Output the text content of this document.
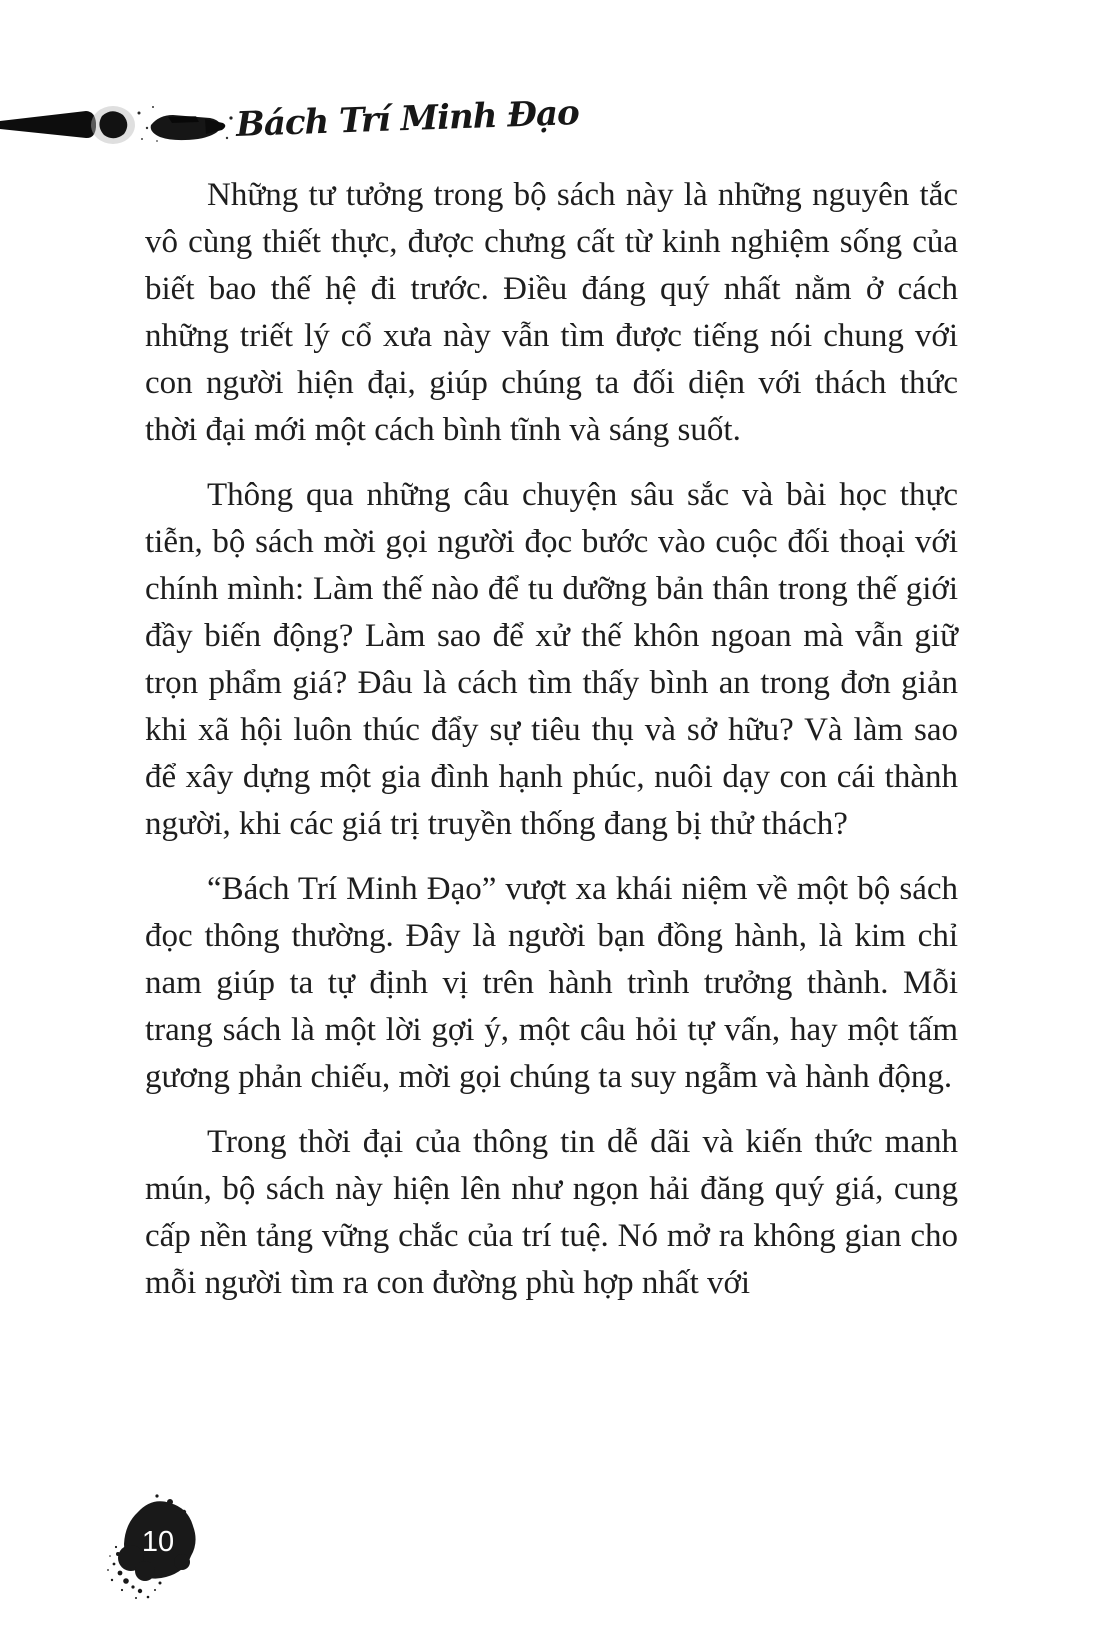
Bách Trí Minh Đạo

Những tư tưởng trong bộ sách này là những nguyên tắc vô cùng thiết thực, được chưng cất từ kinh nghiệm sống của biết bao thế hệ đi trước. Điều đáng quý nhất nằm ở cách những triết lý cổ xưa này vẫn tìm được tiếng nói chung với con người hiện đại, giúp chúng ta đối diện với thách thức thời đại mới một cách bình tĩnh và sáng suốt.

Thông qua những câu chuyện sâu sắc và bài học thực tiễn, bộ sách mời gọi người đọc bước vào cuộc đối thoại với chính mình: Làm thế nào để tu dưỡng bản thân trong thế giới đầy biến động? Làm sao để xử thế khôn ngoan mà vẫn giữ trọn phẩm giá? Đâu là cách tìm thấy bình an trong đơn giản khi xã hội luôn thúc đẩy sự tiêu thụ và sở hữu? Và làm sao để xây dựng một gia đình hạnh phúc, nuôi dạy con cái thành người, khi các giá trị truyền thống đang bị thử thách?

“Bách Trí Minh Đạo” vượt xa khái niệm về một bộ sách đọc thông thường. Đây là người bạn đồng hành, là kim chỉ nam giúp ta tự định vị trên hành trình trưởng thành. Mỗi trang sách là một lời gợi ý, một câu hỏi tự vấn, hay một tấm gương phản chiếu, mời gọi chúng ta suy ngẫm và hành động.

Trong thời đại của thông tin dễ dãi và kiến thức manh mún, bộ sách này hiện lên như ngọn hải đăng quý giá, cung cấp nền tảng vững chắc của trí tuệ. Nó mở ra không gian cho mỗi người tìm ra con đường phù hợp nhất với

10
